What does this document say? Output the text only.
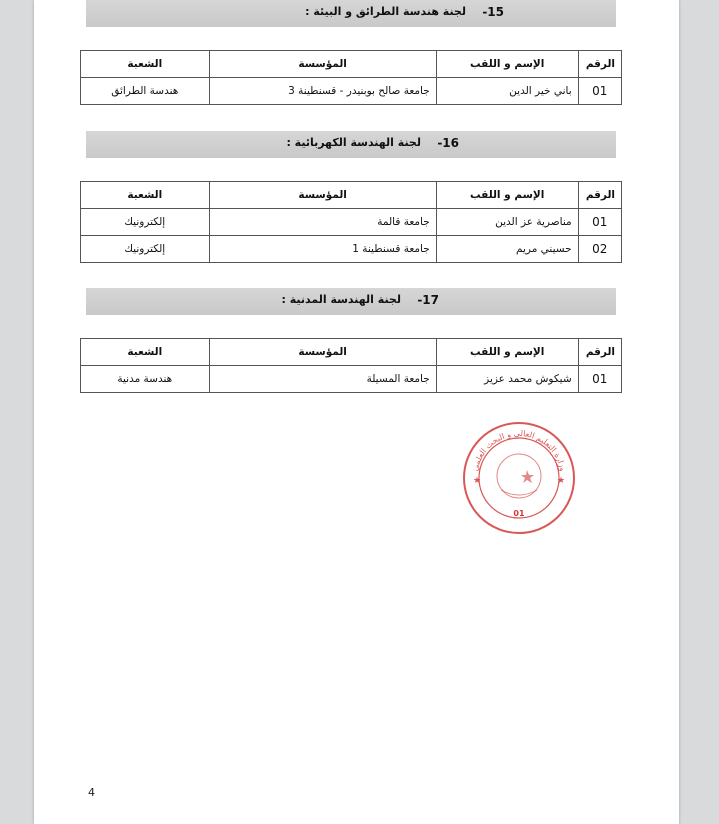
-15
لجنة هندسة الطرائق و البيئة :
الرقم	الإسم و اللقب	المؤسسة	الشعبة
01	باني خير الدين	جامعة صالح بوبنيدر - قسنطينة 3	هندسة الطرائق
-16
لجنة الهندسة الكهربائية :
الرقم	الإسم و اللقب	المؤسسة	الشعبة
01	مناصرية عز الدين	جامعة قالمة	إلكترونيك
02	حسيني مريم	جامعة قسنطينة 1	إلكترونيك
-17
لجنة الهندسة المدنية :
الرقم	الإسم و اللقب	المؤسسة	الشعبة
01	شيكوش محمد عزيز	جامعة المسيلة	هندسة مدنية
وزارة التعليم العالي و البحث العلمي
★	★
01
4
